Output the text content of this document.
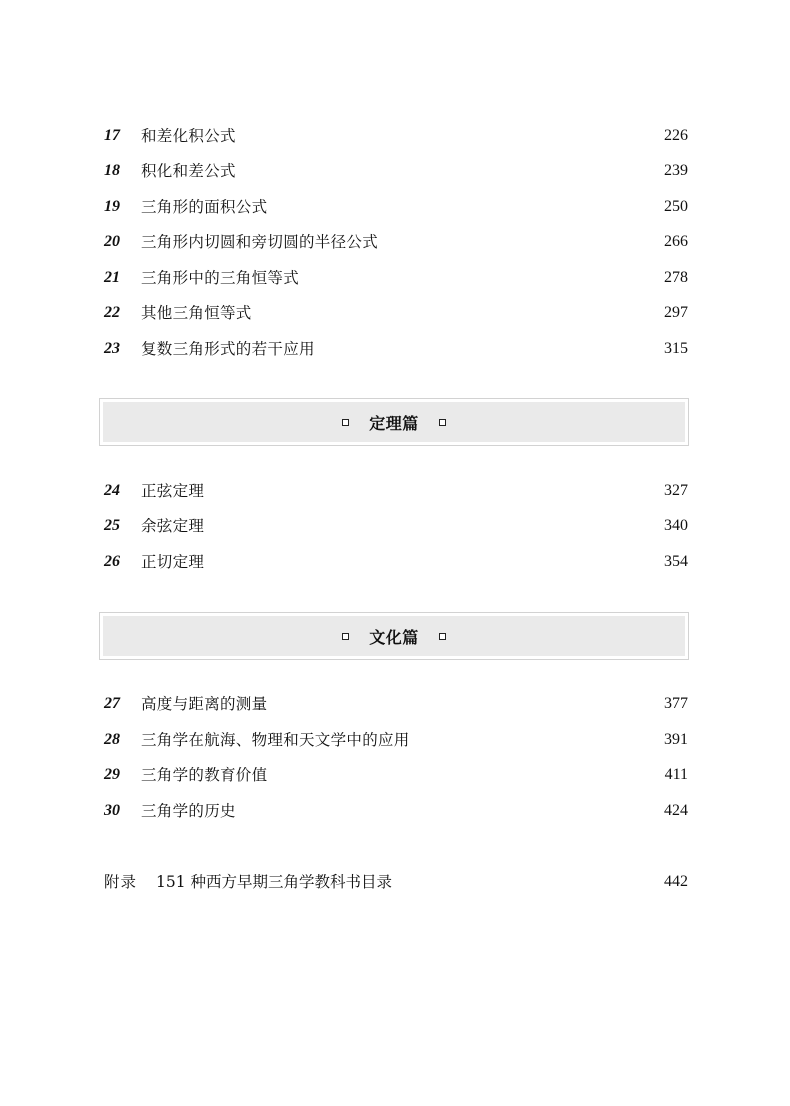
17	和差化积公式	226
18	积化和差公式	239
19	三角形的面积公式	250
20	三角形内切圆和旁切圆的半径公式	266
21	三角形中的三角恒等式	278
22	其他三角恒等式	297
23	复数三角形式的若干应用	315
定理篇
24	正弦定理	327
25	余弦定理	340
26	正切定理	354
文化篇
27	高度与距离的测量	377
28	三角学在航海、物理和天文学中的应用	391
29	三角学的教育价值	411
30	三角学的历史	424
附录	151 种西方早期三角学教科书目录	442
